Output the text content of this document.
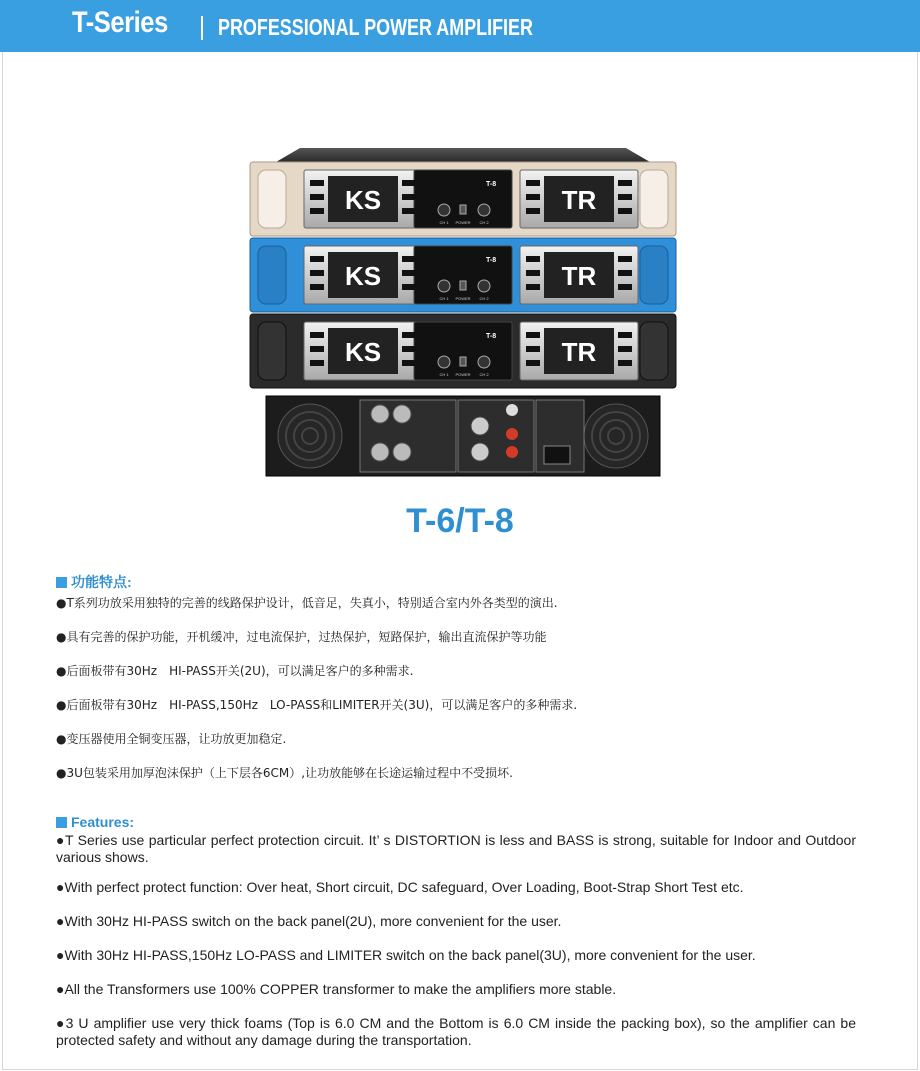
T-Series PROFESSIONAL POWER AMPLIFIER
KS	TR
T-8
CH 1 POWER CH 2
KS	TR
T-8
CH 1 POWER CH 2
KS	TR
T-8
CH 1 POWER CH 2
T-6/T-8
功能特点:
●T系列功放采用独特的完善的线路保护设计，低音足，失真小，特别适合室内外各类型的演出.
●具有完善的保护功能，开机缓冲，过电流保护，过热保护，短路保护，输出直流保护等功能
●后面板带有30Hz　HI-PASS开关(2U)，可以满足客户的多种需求.
●后面板带有30Hz　HI-PASS,150Hz　LO-PASS和LIMITER开关(3U)，可以满足客户的多种需求.
●变压器使用全铜变压器，让功放更加稳定.
●3U包装采用加厚泡沫保护（上下层各6CM）,让功放能够在长途运输过程中不受损坏.
Features:
●T Series use particular perfect protection circuit. It’ s DISTORTION is less and BASS is strong, suitable for Indoor and Outdoor various shows.
●With perfect protect function: Over heat, Short circuit, DC safeguard, Over Loading, Boot-Strap Short Test etc.
●With 30Hz HI-PASS switch on the back panel(2U), more convenient for the user.
●With 30Hz HI-PASS,150Hz LO-PASS and LIMITER switch on the back panel(3U), more convenient for the user.
●All the Transformers use 100% COPPER transformer to make the amplifiers more stable.
●3 U amplifier use very thick foams (Top is 6.0 CM and the Bottom is 6.0 CM inside the packing box), so the amplifier can be protected safety and without any damage during the transportation.
